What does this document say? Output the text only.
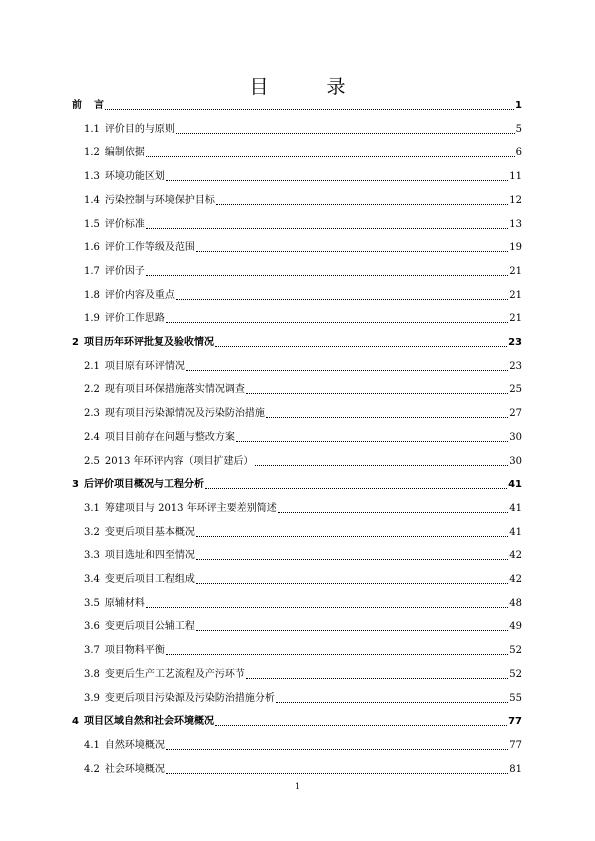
目 录
前 言	1
1.1 评价目的与原则	5
1.2 编制依据	6
1.3 环境功能区划	11
1.4 污染控制与环境保护目标	12
1.5 评价标准	13
1.6 评价工作等级及范围	19
1.7 评价因子	21
1.8 评价内容及重点	21
1.9 评价工作思路	21
2 项目历年环评批复及验收情况	23
2.1 项目原有环评情况	23
2.2 现有项目环保措施落实情况调查	25
2.3 现有项目污染源情况及污染防治措施	27
2.4 项目目前存在问题与整改方案	30
2.5 2013 年环评内容（项目扩建后）	30
3 后评价项目概况与工程分析	41
3.1 筹建项目与 2013 年环评主要差别简述	41
3.2 变更后项目基本概况	41
3.3 项目选址和四至情况	42
3.4 变更后项目工程组成	42
3.5 原辅材料	48
3.6 变更后项目公辅工程	49
3.7 项目物料平衡	52
3.8 变更后生产工艺流程及产污环节	52
3.9 变更后项目污染源及污染防治措施分析	55
4 项目区域自然和社会环境概况	77
4.1 自然环境概况	77
4.2 社会环境概况	81
1
